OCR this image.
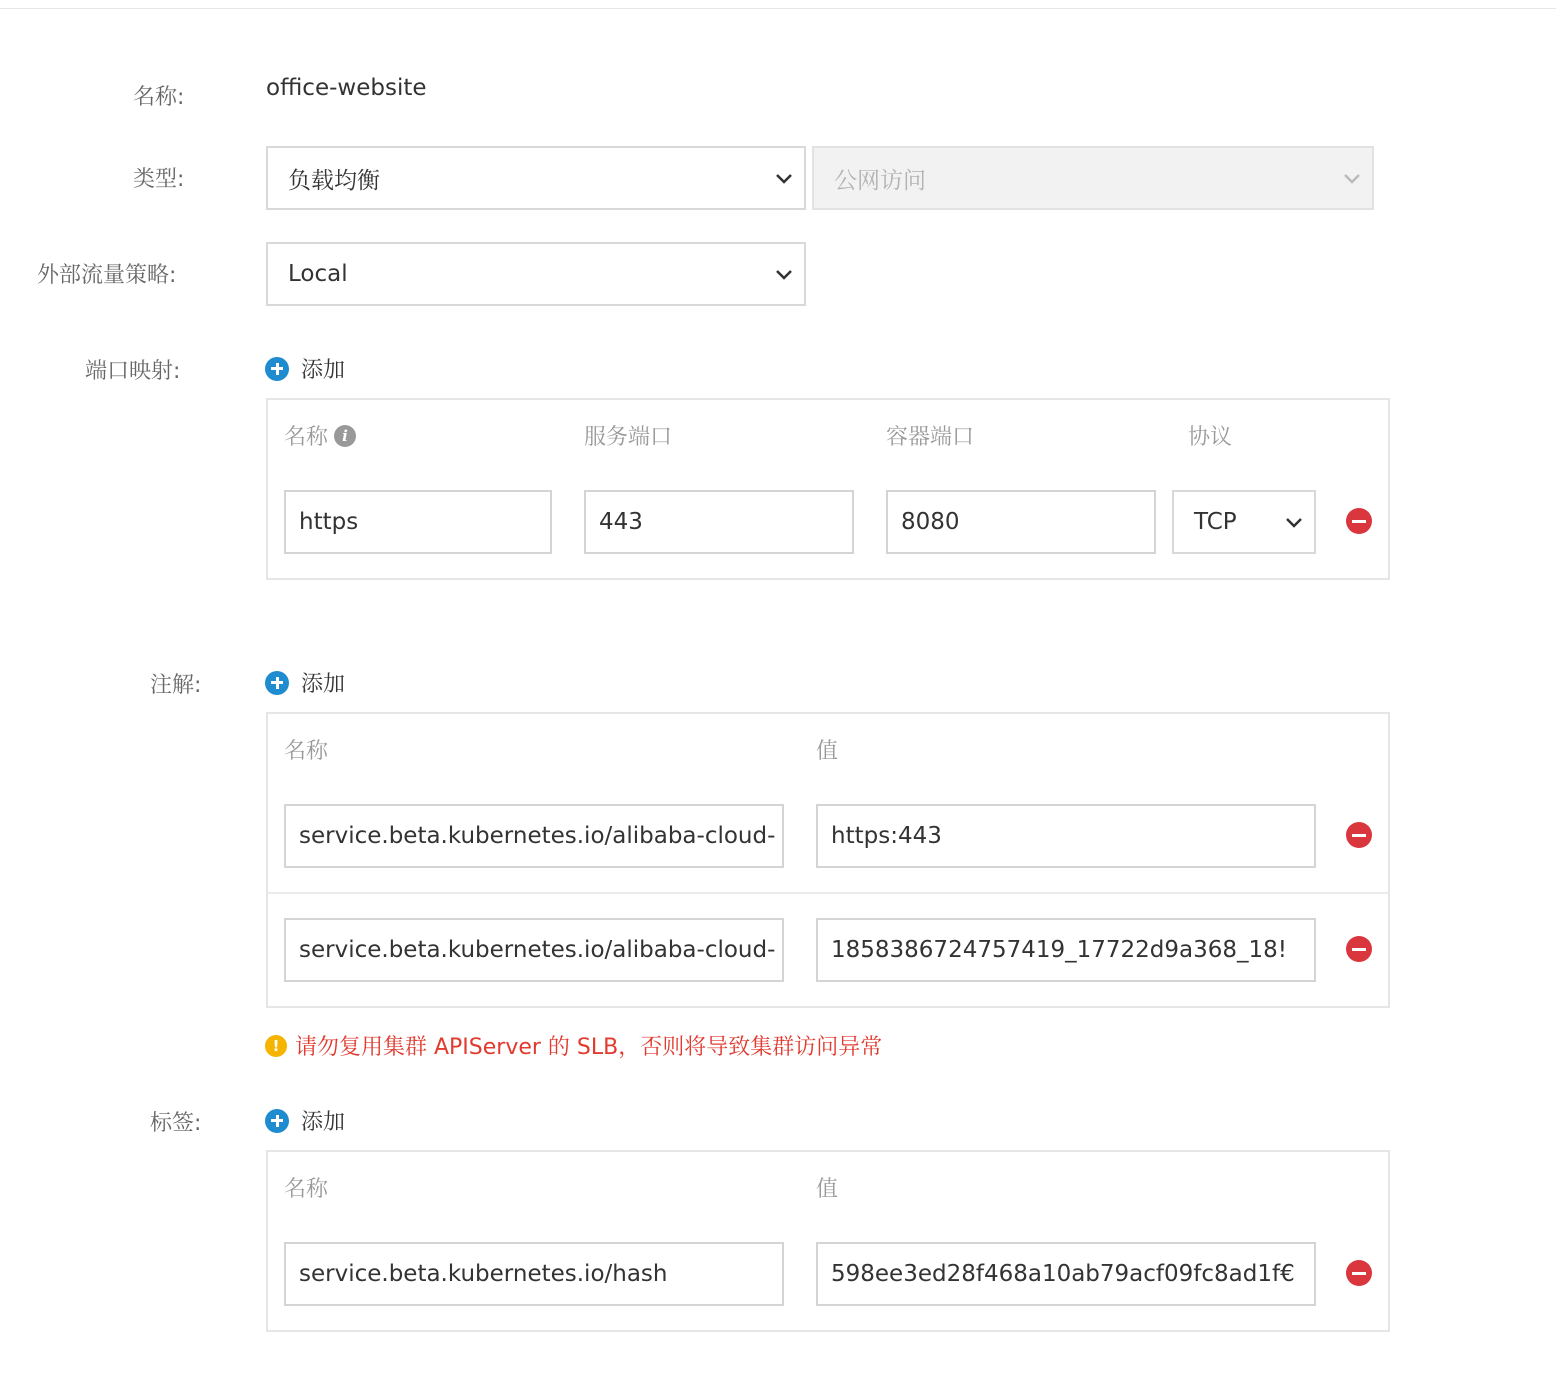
名称:	office-website
类型:	负载均衡	公网访问
外部流量策略:	Local
端口映射:	添加
名称 i	服务端口	容器端口	协议
https	443	8080	TCP
注解:	添加
名称	值
service.beta.kubernetes.io/alibaba-cloud-	https:443
service.beta.kubernetes.io/alibaba-cloud-	1858386724757419_17722d9a368_18!
! 请勿复用集群 APIServer 的 SLB，否则将导致集群访问异常
标签:	添加
名称	值
service.beta.kubernetes.io/hash	598ee3ed28f468a10ab79acf09fc8ad1f€
